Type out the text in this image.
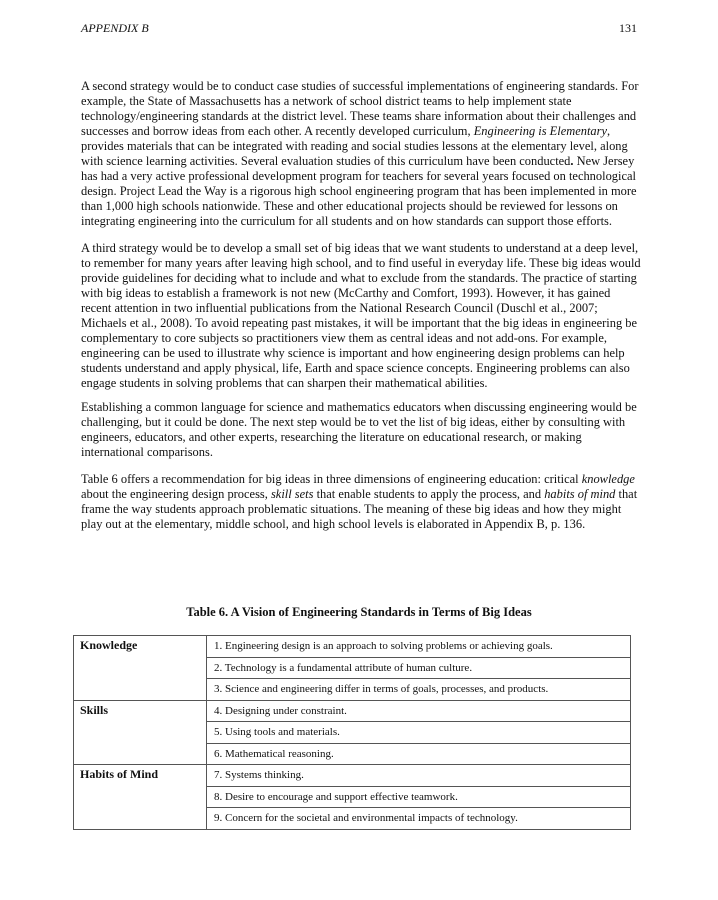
APPENDIX B	131

A second strategy would be to conduct case studies of successful implementations of engineering standards. For example, the State of Massachusetts has a network of school district teams to help implement state technology/engineering standards at the district level. These teams share information about their challenges and successes and borrow ideas from each other. A recently developed curriculum, Engineering is Elementary, provides materials that can be integrated with reading and social studies lessons at the elementary level, along with science learning activities. Several evaluation studies of this curriculum have been conducted. New Jersey has had a very active professional development program for teachers for several years focused on technological design. Project Lead the Way is a rigorous high school engineering program that has been implemented in more than 1,000 high schools nationwide. These and other educational projects should be reviewed for lessons on integrating engineering into the curriculum for all students and on how standards can support those efforts.

A third strategy would be to develop a small set of big ideas that we want students to understand at a deep level, to remember for many years after leaving high school, and to find useful in everyday life. These big ideas would provide guidelines for deciding what to include and what to exclude from the standards. The practice of starting with big ideas to establish a framework is not new (McCarthy and Comfort, 1993). However, it has gained recent attention in two influential publications from the National Research Council (Duschl et al., 2007; Michaels et al., 2008). To avoid repeating past mistakes, it will be important that the big ideas in engineering be complementary to core subjects so practitioners view them as central ideas and not add-ons. For example, engineering can be used to illustrate why science is important and how engineering design problems can help students understand and apply physical, life, Earth and space science concepts. Engineering problems can also engage students in solving problems that can sharpen their mathematical abilities.

Establishing a common language for science and mathematics educators when discussing engineering would be challenging, but it could be done. The next step would be to vet the list of big ideas, either by consulting with engineers, educators, and other experts, researching the literature on educational research, or making international comparisons.

Table 6 offers a recommendation for big ideas in three dimensions of engineering education: critical knowledge about the engineering design process, skill sets that enable students to apply the process, and habits of mind that frame the way students approach problematic situations. The meaning of these big ideas and how they might play out at the elementary, middle school, and high school levels is elaborated in Appendix B, p. 136.

Table 6. A Vision of Engineering Standards in Terms of Big Ideas
Knowledge	1. Engineering design is an approach to solving problems or achieving goals.
	2. Technology is a fundamental attribute of human culture.
	3. Science and engineering differ in terms of goals, processes, and products.
Skills	4. Designing under constraint.
	5. Using tools and materials.
	6. Mathematical reasoning.
Habits of Mind	7. Systems thinking.
	8. Desire to encourage and support effective teamwork.
	9. Concern for the societal and environmental impacts of technology.
